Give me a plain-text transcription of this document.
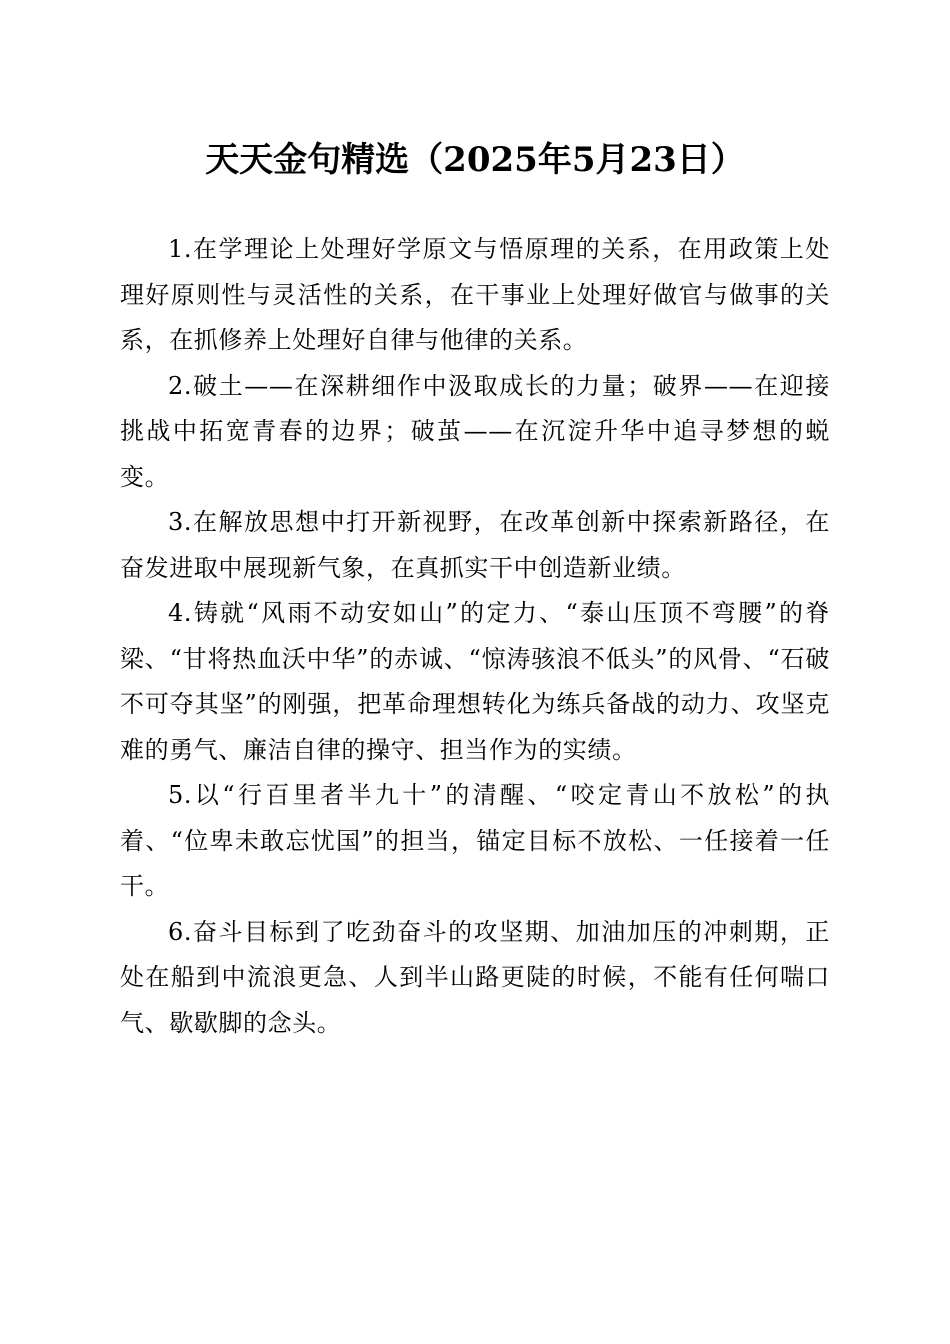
天天金句精选（2025年5月23日）

1.在学理论上处理好学原文与悟原理的关系，在用政策上处理好原则性与灵活性的关系，在干事业上处理好做官与做事的关系，在抓修养上处理好自律与他律的关系。

2.破土——在深耕细作中汲取成长的力量；破界——在迎接挑战中拓宽青春的边界；破茧——在沉淀升华中追寻梦想的蜕变。

3.在解放思想中打开新视野，在改革创新中探索新路径，在奋发进取中展现新气象，在真抓实干中创造新业绩。

4.铸就“风雨不动安如山”的定力、“泰山压顶不弯腰”的脊梁、“甘将热血沃中华”的赤诚、“惊涛骇浪不低头”的风骨、“石破不可夺其坚”的刚强，把革命理想转化为练兵备战的动力、攻坚克难的勇气、廉洁自律的操守、担当作为的实绩。

5.以“行百里者半九十”的清醒、“咬定青山不放松”的执着、“位卑未敢忘忧国”的担当，锚定目标不放松、一任接着一任干。

6.奋斗目标到了吃劲奋斗的攻坚期、加油加压的冲刺期，正处在船到中流浪更急、人到半山路更陡的时候，不能有任何喘口气、歇歇脚的念头。
